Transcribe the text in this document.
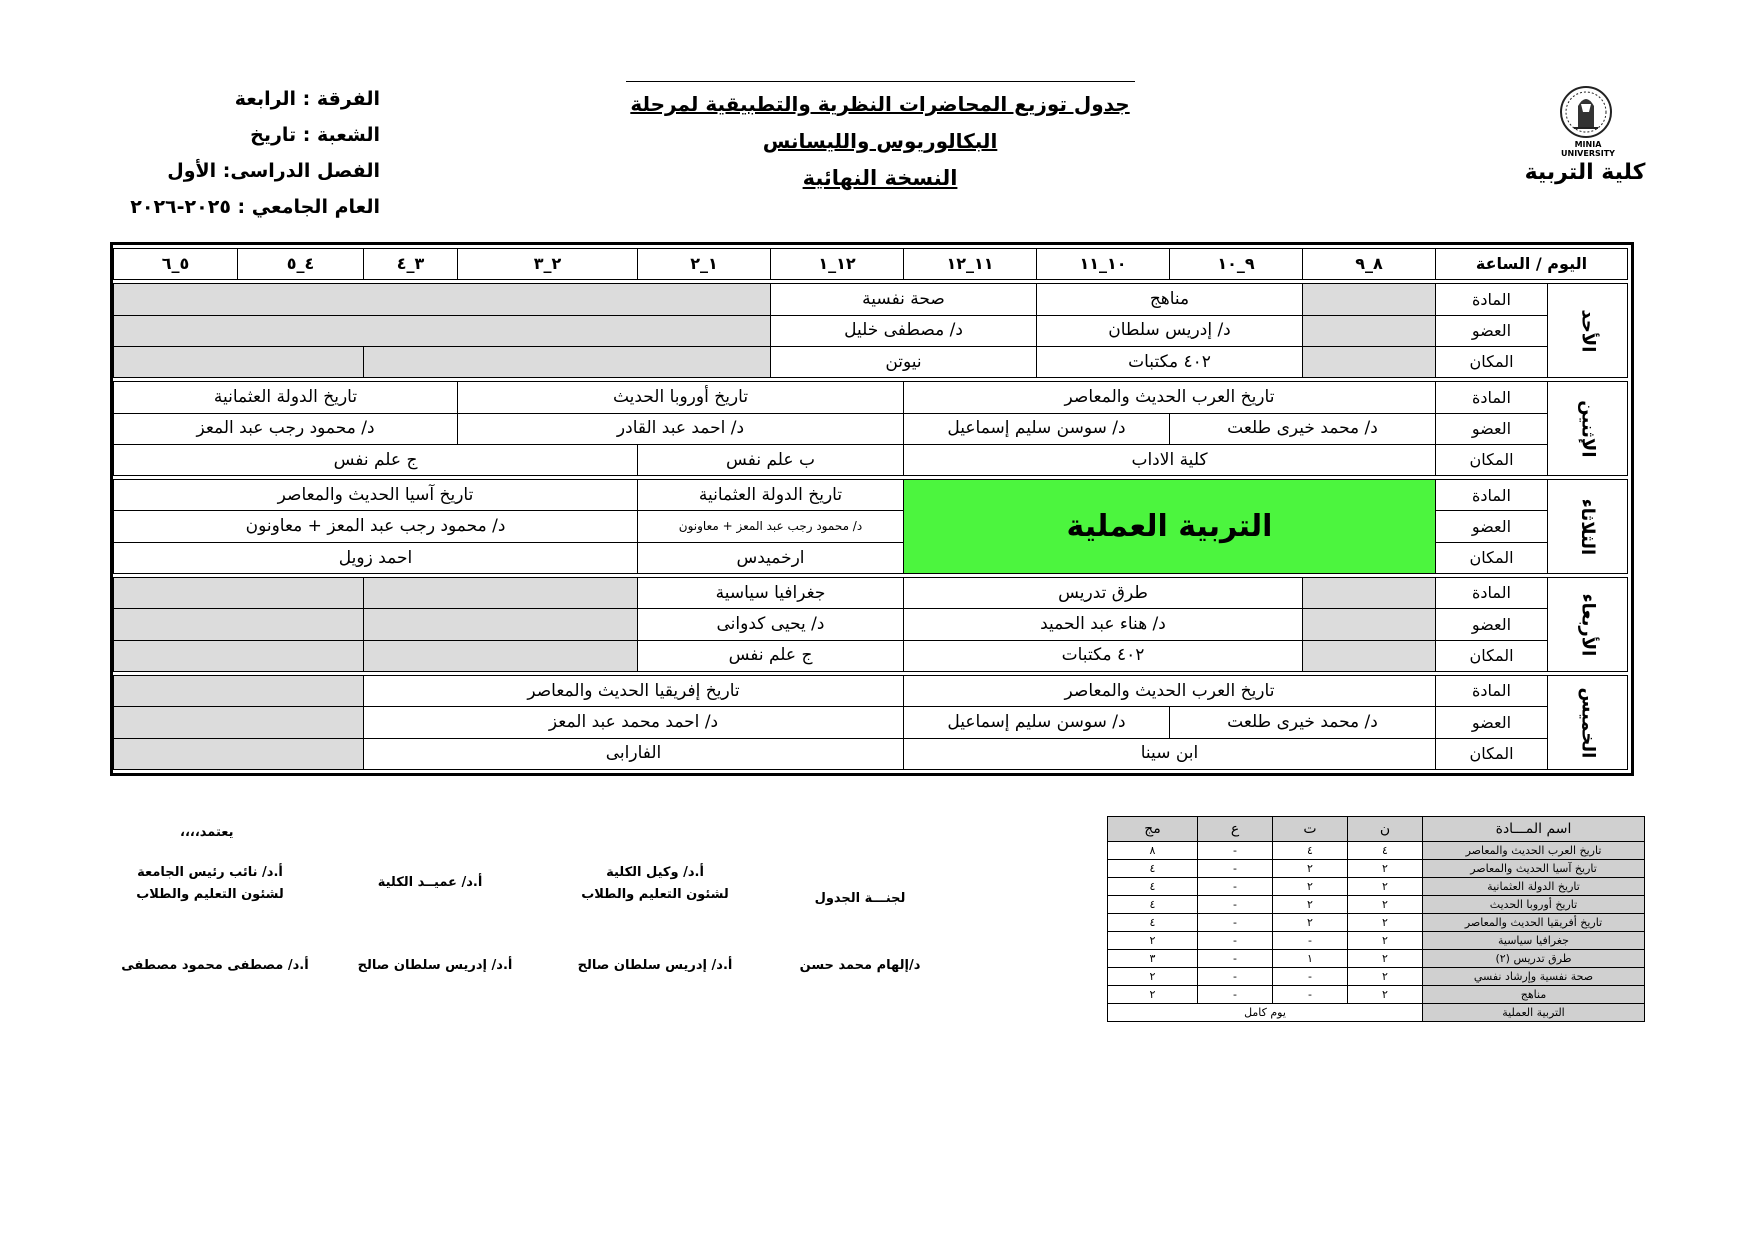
MINIA UNIVERSITY
كلية التربية
جدول توزيع المحاضرات النظرية والتطبيقية لمرحلة
البكالوريوس والليسانس
النسخة النهائية
الفرقة : الرابعة
الشعبة : تاريخ
الفصل الدراسى: الأول
العام الجامعي : ٢٠٢٥-٢٠٢٦
اليوم / الساعة		٨_٩	٩_١٠	١٠_١١	١١_١٢	١٢_١	١_٢	٢_٣	٣_٤	٤_٥	٥_٦

الأحد	المادة		مناهج		صحة نفسية						
	العضو		د/ إدريس سلطان		د/ مصطفى خليل						
	المكان		٤٠٢ مكتبات		نيوتن						

الإثنين	المادة	تاريخ العرب الحديث والمعاصر				تاريخ أوروبا الحديث			تاريخ الدولة العثمانية		
	العضو	د/ محمد خيرى طلعت		د/ سوسن سليم إسماعيل		د/ احمد عبد القادر			د/ محمود رجب عبد المعز		
	المكان	كلية الاداب				ب علم نفس		ج علم نفس			

الثلاثاء	المادة	التربية العملية				تاريخ الدولة العثمانية		تاريخ آسيا الحديث والمعاصر			
	العضو					د/ محمود رجب عبد المعز + معاونون		د/ محمود رجب عبد المعز + معاونون			
	المكان					ارخميدس		احمد زويل			

الأربعاء	المادة		طرق تدريس			جغرافيا سياسية					
	العضو		د/ هناء عبد الحميد			د/ يحيى كدوانى					
	المكان		٤٠٢ مكتبات			ج علم نفس					

الخميس	المادة	تاريخ العرب الحديث والمعاصر				تاريخ إفريقيا الحديث والمعاصر					
	العضو	د/ محمد خيرى طلعت		د/ سوسن سليم إسماعيل		د/ احمد محمد عبد المعز					
	المكان	ابن سينا				الفارابى					
يعتمد،،،،
لجنـــة الجدول
د/إلهام محمد حسن
أ.د/ وكيل الكلية
لشئون التعليم والطلاب
أ.د/ إدريس سلطان صالح
أ.د/ عميــد الكلية
أ.د/ إدريس سلطان صالح
أ.د/ نائب رئيس الجامعة
لشئون التعليم والطلاب
أ.د/ مصطفى محمود مصطفى
اسم المـــادة	ن	ت	ع	مج
تاريخ العرب الحديث والمعاصر	٤	٤	-	٨
تاريخ آسيا الحديث والمعاصر	٢	٢	-	٤
تاريخ الدولة العثمانية	٢	٢	-	٤
تاريخ أوروبا الحديث	٢	٢	-	٤
تاريخ أفريقيا الحديث والمعاصر	٢	٢	-	٤
جغرافيا سياسية	٢	-	-	٢
طرق تدريس (٢)	٢	١	-	٣
صحة نفسية وإرشاد نفسي	٢	-	-	٢
مناهج	٢	-	-	٢
التربية العملية	يوم كامل			
